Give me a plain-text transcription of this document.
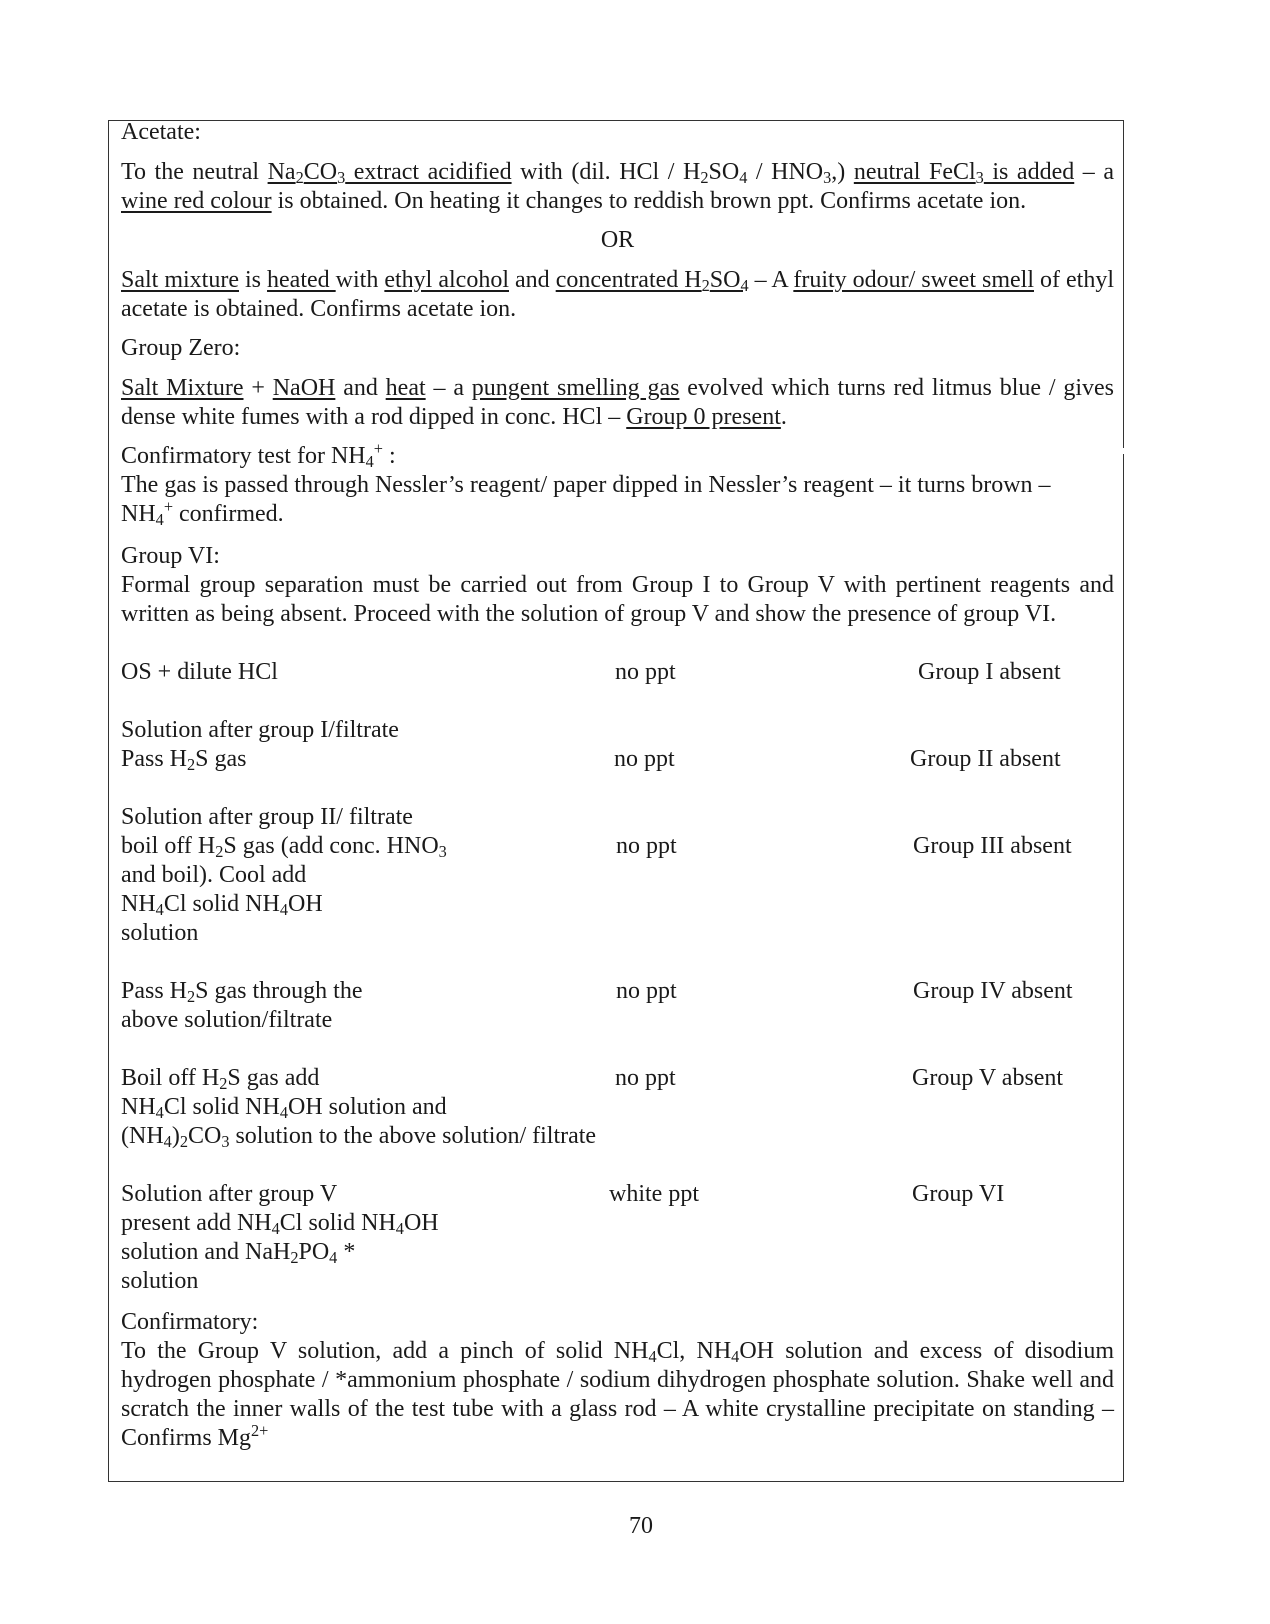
Acetate:
To the neutral $Na_2CO_3$ extract acidified with (dil. HCl / $H_2SO_4 / HNO_3$,) neutral FeCl$_3$ is added – a wine red colour is obtained. On heating it changes to reddish brown ppt. Confirms acetate ion.
OR
Salt mixture is heated with ethyl alcohol and concentrated $H_2SO_4$ – A fruity odour/ sweet smell of ethyl acetate is obtained. Confirms acetate ion.
Group Zero:
Salt Mixture + NaOH and heat – a pungent smelling gas evolved which turns red litmus blue / gives dense white fumes with a rod dipped in conc. HCl – Group 0 present.
Confirmatory test for $NH_4^+$ :
The gas is passed through Nessler’s reagent/ paper dipped in Nessler’s reagent – it turns brown –
$NH_4^+$ confirmed.
Group VI:
Formal group separation must be carried out from Group I to Group V with pertinent reagents and written as being absent. Proceed with the solution of group V and show the presence of group VI.
OS + dilute HCl	no ppt	Group I absent
Solution after group I/filtrate
Pass $H_2S$ gas	no ppt	Group II absent
Solution after group II/ filtrate
boil off $H_2S$ gas (add conc. $HNO_3$
and boil). Cool add
$NH_4Cl$ solid $NH_4OH$
solution
no ppt	Group III absent
Pass $H_2S$ gas through the
above solution/filtrate
no ppt	Group IV absent
Boil off $H_2S$ gas add
$NH_4Cl$ solid $NH_4OH$ solution and
$(NH_4)_2CO_3$ solution to the above solution/ filtrate
no ppt	Group V absent
Solution after group V
present add $NH_4Cl$ solid $NH_4OH$
solution and $NaH_2PO_4$ *
solution
white ppt	Group VI
Confirmatory:
To the Group V solution, add a pinch of solid $NH_4Cl$, $NH_4OH$ solution and excess of disodium hydrogen phosphate / *ammonium phosphate / sodium dihydrogen phosphate solution. Shake well and scratch the inner walls of the test tube with a glass rod – A white crystalline precipitate on standing – Confirms $Mg^{2+}$
70
